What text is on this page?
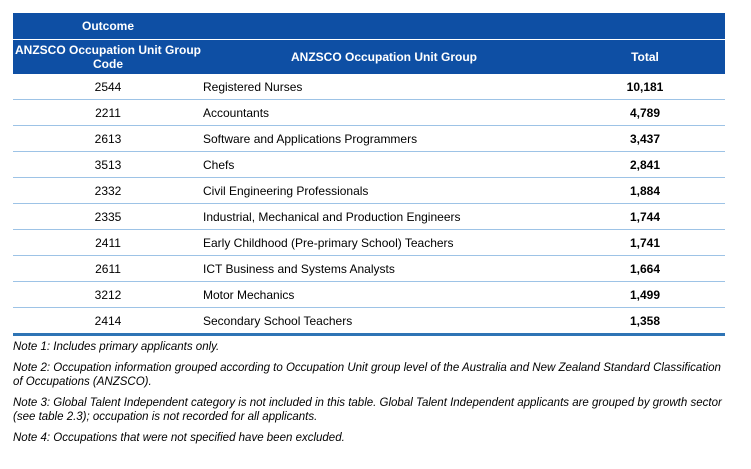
Outcome		
ANZSCO Occupation Unit Group Code	ANZSCO Occupation Unit Group	Total
2544	Registered Nurses	10,181
2211	Accountants	4,789
2613	Software and Applications Programmers	3,437
3513	Chefs	2,841
2332	Civil Engineering Professionals	1,884
2335	Industrial, Mechanical and Production Engineers	1,744
2411	Early Childhood (Pre-primary School) Teachers	1,741
2611	ICT Business and Systems Analysts	1,664
3212	Motor Mechanics	1,499
2414	Secondary School Teachers	1,358

Note 1: Includes primary applicants only.

Note 2: Occupation information grouped according to Occupation Unit group level of the Australia and New Zealand Standard Classification of Occupations (ANZSCO).

Note 3: Global Talent Independent category is not included in this table. Global Talent Independent applicants are grouped by growth sector (see table 2.3); occupation is not recorded for all applicants.

Note 4: Occupations that were not specified have been excluded.
